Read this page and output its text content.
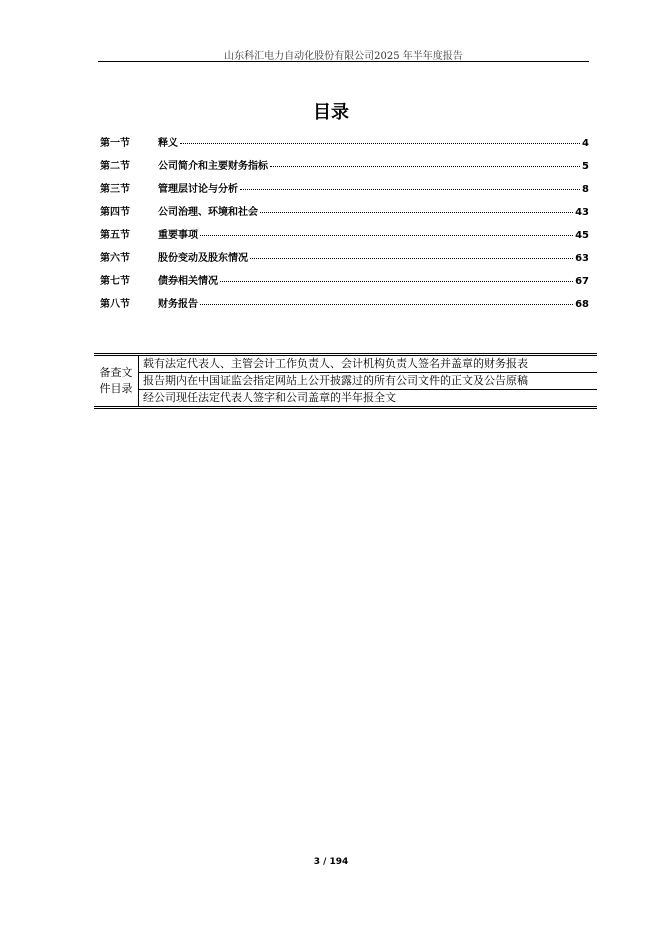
山东科汇电力自动化股份有限公司2025 年半年度报告
目录
第一节	释义	4
第二节	公司简介和主要财务指标	5
第三节	管理层讨论与分析	8
第四节	公司治理、环境和社会	43
第五节	重要事项	45
第六节	股份变动及股东情况	63
第七节	债券相关情况	67
第八节	财务报告	68
备查文
件目录
	载有法定代表人、主管会计工作负责人、会计机构负责人签名并盖章的财务报表
报告期内在中国证监会指定网站上公开披露过的所有公司文件的正文及公告原稿
经公司现任法定代表人签字和公司盖章的半年报全文
3 / 194
